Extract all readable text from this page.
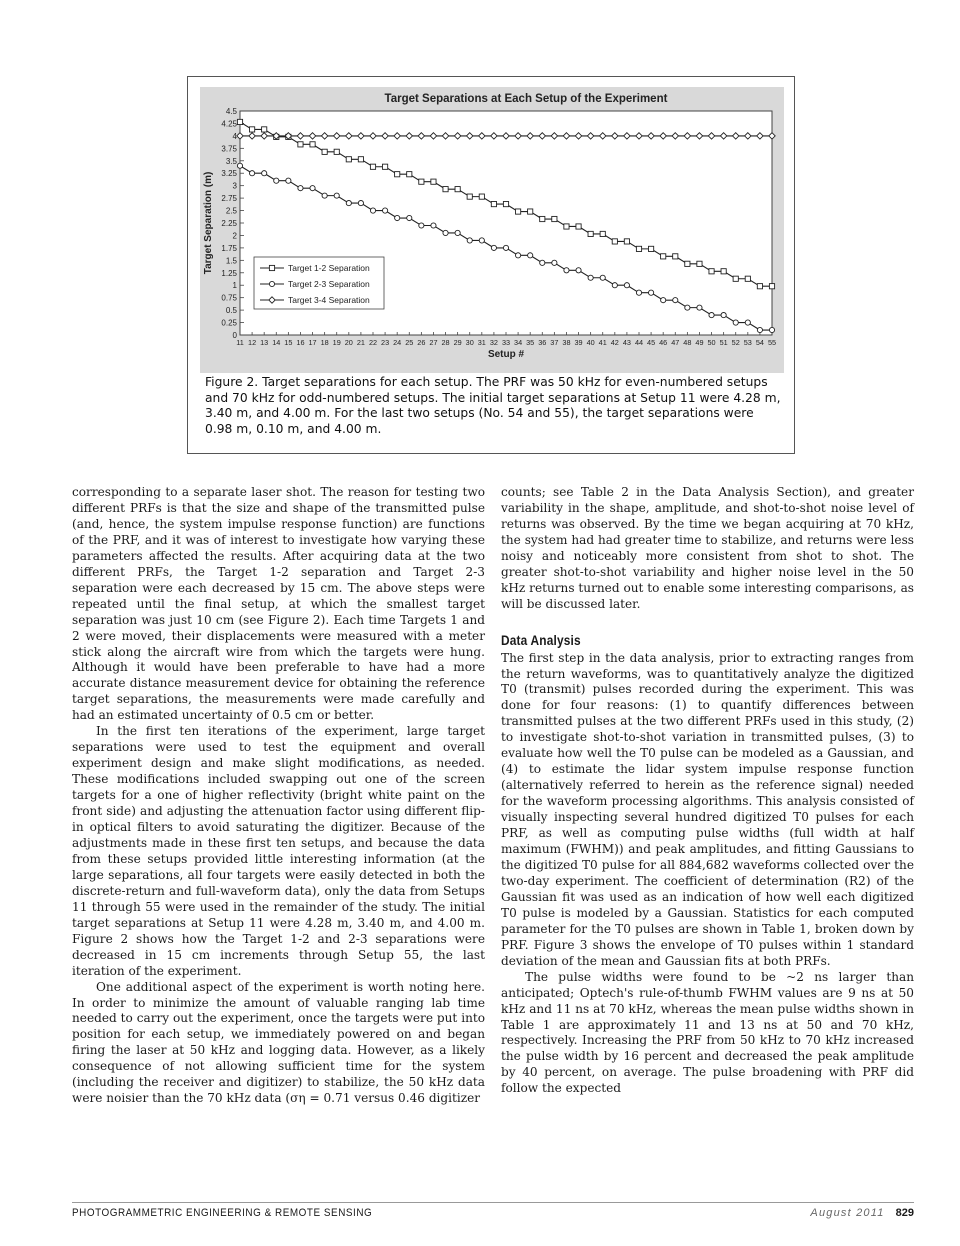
Target Separations at Each Setup of the Experiment
0
0.25
0.5
0.75
1
1.25
1.5
1.75
2
2.25
2.5
2.75
3
3.25
3.5
3.75
4
4.25
4.5
11 12 13 14 15 16 17 18 19 20 21 22 23 24 25 26 27 28 29 30 31 32 33 34 35 36 37 38 39 40 41 42 43 44 45 46 47 48 49 50 51 52 53 54 55
Setup #
Target Separation (m)	Target 1-2 Separation
Target 2-3 Separation
Target 3-4 Separation

Figure 2. Target separations for each setup. The PRF was 50 kHz for even-numbered setups and 70 kHz for odd-numbered setups. The initial target separations at Setup 11 were 4.28 m, 3.40 m, and 4.00 m. For the last two setups (No. 54 and 55), the target separations were 0.98 m, 0.10 m, and 4.00 m.

corresponding to a separate laser shot. The reason for testing two different PRFs is that the size and shape of the transmitted pulse (and, hence, the system impulse response function) are functions of the PRF, and it was of interest to investigate how varying these parameters affected the results. After acquiring data at the two different PRFs, the Target 1-2 separation and Target 2-3 separation were each decreased by 15 cm. The above steps were repeated until the final setup, at which the smallest target separation was just 10 cm (see Figure 2). Each time Targets 1 and 2 were moved, their displacements were measured with a meter stick along the aircraft wire from which the targets were hung. Although it would have been preferable to have had a more accurate distance measurement device for obtaining the reference target separations, the measurements were made carefully and had an estimated uncertainty of 0.5 cm or better.

In the first ten iterations of the experiment, large target separations were used to test the equipment and overall experiment design and make slight modifications, as needed. These modifications included swapping out one of the screen targets for a one of higher reflectivity (bright white paint on the front side) and adjusting the attenuation factor using different flip-in optical filters to avoid saturating the digitizer. Because of the adjustments made in these first ten setups, and because the data from these setups provided little interesting information (at the large separations, all four targets were easily detected in both the discrete-return and full-waveform data), only the data from Setups 11 through 55 were used in the remainder of the study. The initial target separations at Setup 11 were 4.28 m, 3.40 m, and 4.00 m. Figure 2 shows how the Target 1-2 and 2-3 separations were decreased in 15 cm increments through Setup 55, the last iteration of the experiment.

One additional aspect of the experiment is worth noting here. In order to minimize the amount of valuable ranging lab time needed to carry out the experiment, once the targets were put into position for each setup, we immediately powered on and began firing the laser at 50 kHz and logging data. However, as a likely consequence of not allowing sufficient time for the system (including the receiver and digitizer) to stabilize, the 50 kHz data were noisier than the 70 kHz data (ση = 0.71 versus 0.46 digitizer

counts; see Table 2 in the Data Analysis Section), and greater variability in the shape, amplitude, and shot-to-shot noise level of returns was observed. By the time we began acquiring at 70 kHz, the system had had greater time to stabilize, and returns were less noisy and noticeably more consistent from shot to shot. The greater shot-to-shot variability and higher noise level in the 50 kHz returns turned out to enable some interesting comparisons, as will be discussed later.

Data Analysis

The first step in the data analysis, prior to extracting ranges from the return waveforms, was to quantitatively analyze the digitized T0 (transmit) pulses recorded during the experiment. This was done for four reasons: (1) to quantify differences between transmitted pulses at the two different PRFs used in this study, (2) to investigate shot-to-shot variation in transmitted pulses, (3) to evaluate how well the T0 pulse can be modeled as a Gaussian, and (4) to estimate the lidar system impulse response function (alternatively referred to herein as the reference signal) needed for the waveform processing algorithms. This analysis consisted of visually inspecting several hundred digitized T0 pulses for each PRF, as well as computing pulse widths (full width at half maximum (FWHM)) and peak amplitudes, and fitting Gaussians to the digitized T0 pulse for all 884,682 waveforms collected over the two-day experiment. The coefficient of determination (R2) of the Gaussian fit was used as an indication of how well each digitized T0 pulse is modeled by a Gaussian. Statistics for each computed parameter for the T0 pulses are shown in Table 1, broken down by PRF. Figure 3 shows the envelope of T0 pulses within 1 standard deviation of the mean and Gaussian fits at both PRFs.

The pulse widths were found to be ~2 ns larger than anticipated; Optech's rule-of-thumb FWHM values are 9 ns at 50 kHz and 11 ns at 70 kHz, whereas the mean pulse widths shown in Table 1 are approximately 11 and 13 ns at 50 and 70 kHz, respectively. Increasing the PRF from 50 kHz to 70 kHz increased the pulse width by 16 percent and decreased the peak amplitude by 40 percent, on average. The pulse broadening with PRF did follow the expected

PHOTOGRAMMETRIC ENGINEERING & REMOTE SENSING	August 2011 829
